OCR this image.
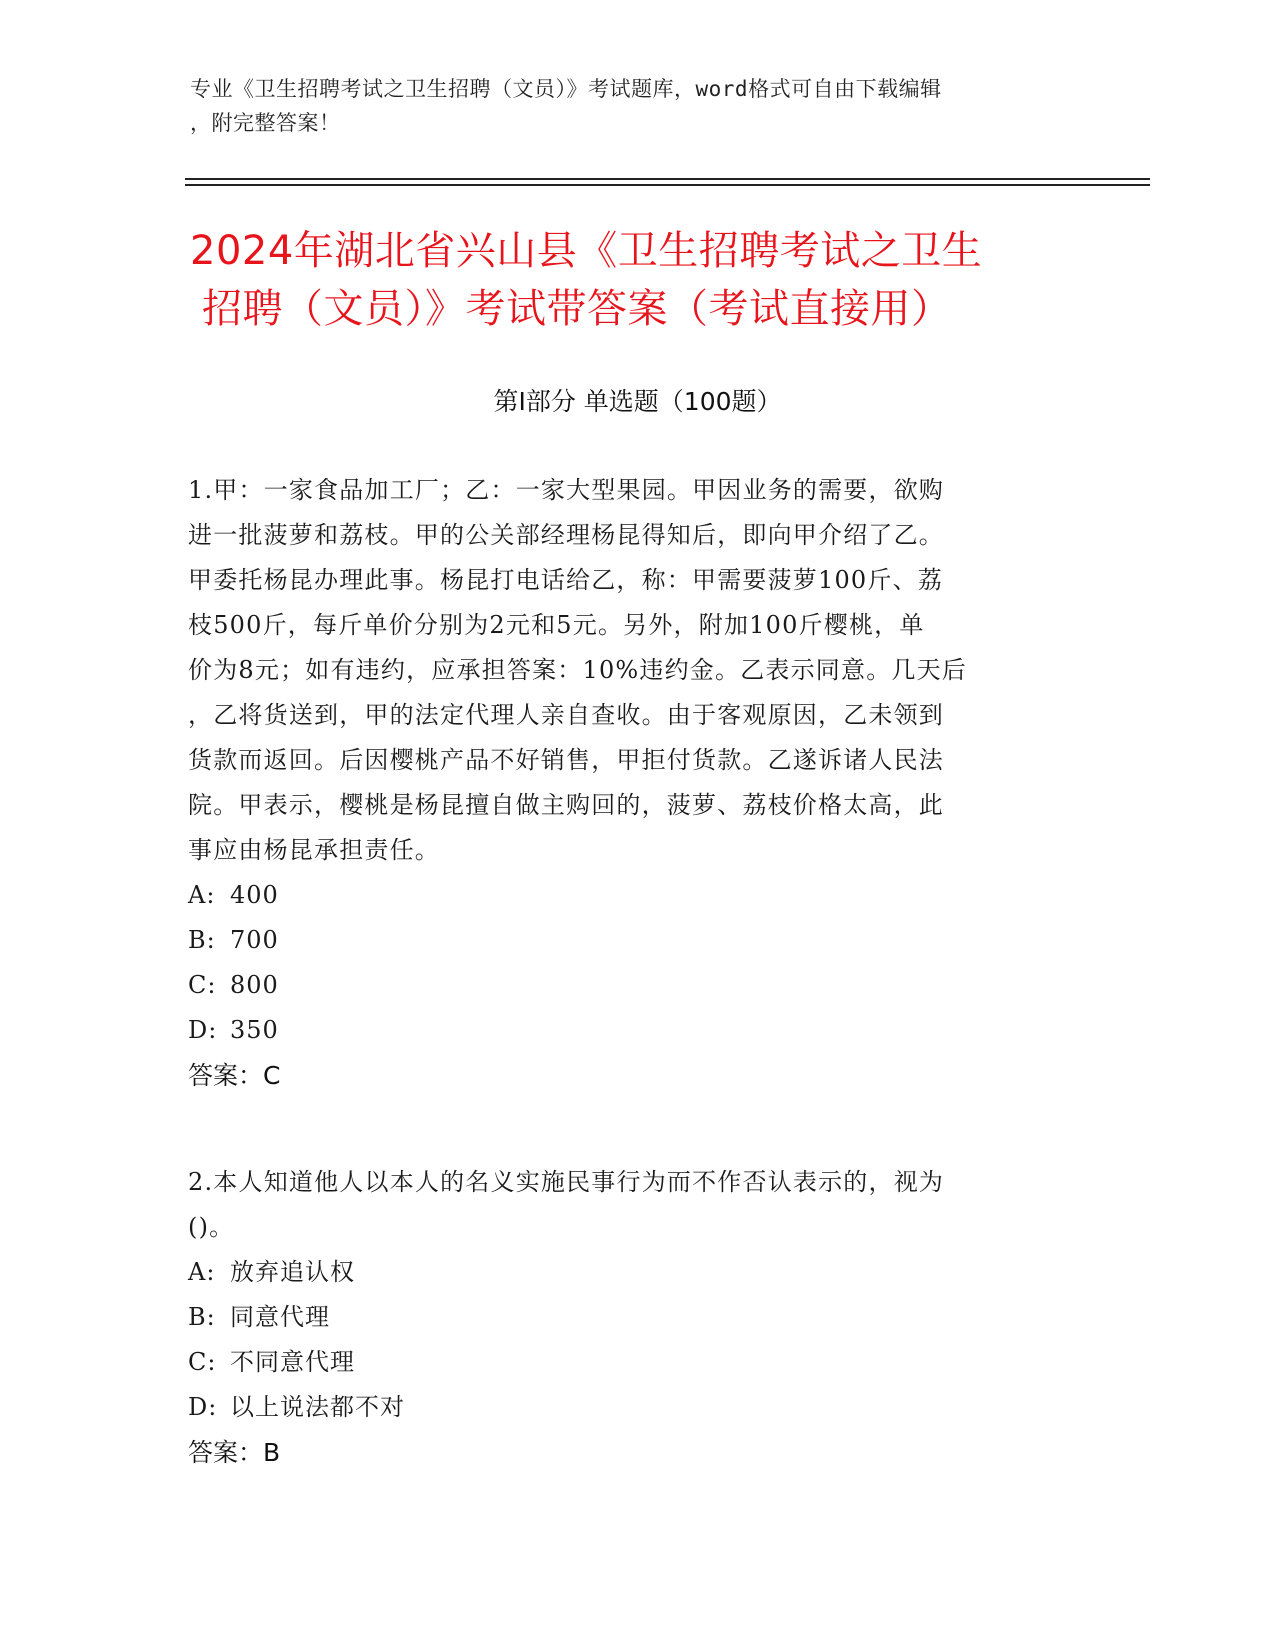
专业《卫生招聘考试之卫生招聘（文员）》考试题库，word格式可自由下载编辑
，附完整答案！
2024年湖北省兴山县《卫生招聘考试之卫生
招聘（文员）》考试带答案（考试直接用）
第Ⅰ部分 单选题（100题）

1.甲：一家食品加工厂；乙：一家大型果园。甲因业务的需要，欲购

进一批菠萝和荔枝。甲的公关部经理杨昆得知后，即向甲介绍了乙。

甲委托杨昆办理此事。杨昆打电话给乙，称：甲需要菠萝100斤、荔

枝500斤，每斤单价分别为2元和5元。另外，附加100斤樱桃，单

价为8元；如有违约，应承担答案：10%违约金。乙表示同意。几天后

，乙将货送到，甲的法定代理人亲自查收。由于客观原因，乙未领到

货款而返回。后因樱桃产品不好销售，甲拒付货款。乙遂诉诸人民法

院。甲表示，樱桃是杨昆擅自做主购回的，菠萝、荔枝价格太高，此

事应由杨昆承担责任。

A: 400

B: 700

C: 800

D: 350

答案：C

2.本人知道他人以本人的名义实施民事行为而不作否认表示的，视为

()。

A: 放弃追认权

B: 同意代理

C: 不同意代理

D: 以上说法都不对

答案：B
